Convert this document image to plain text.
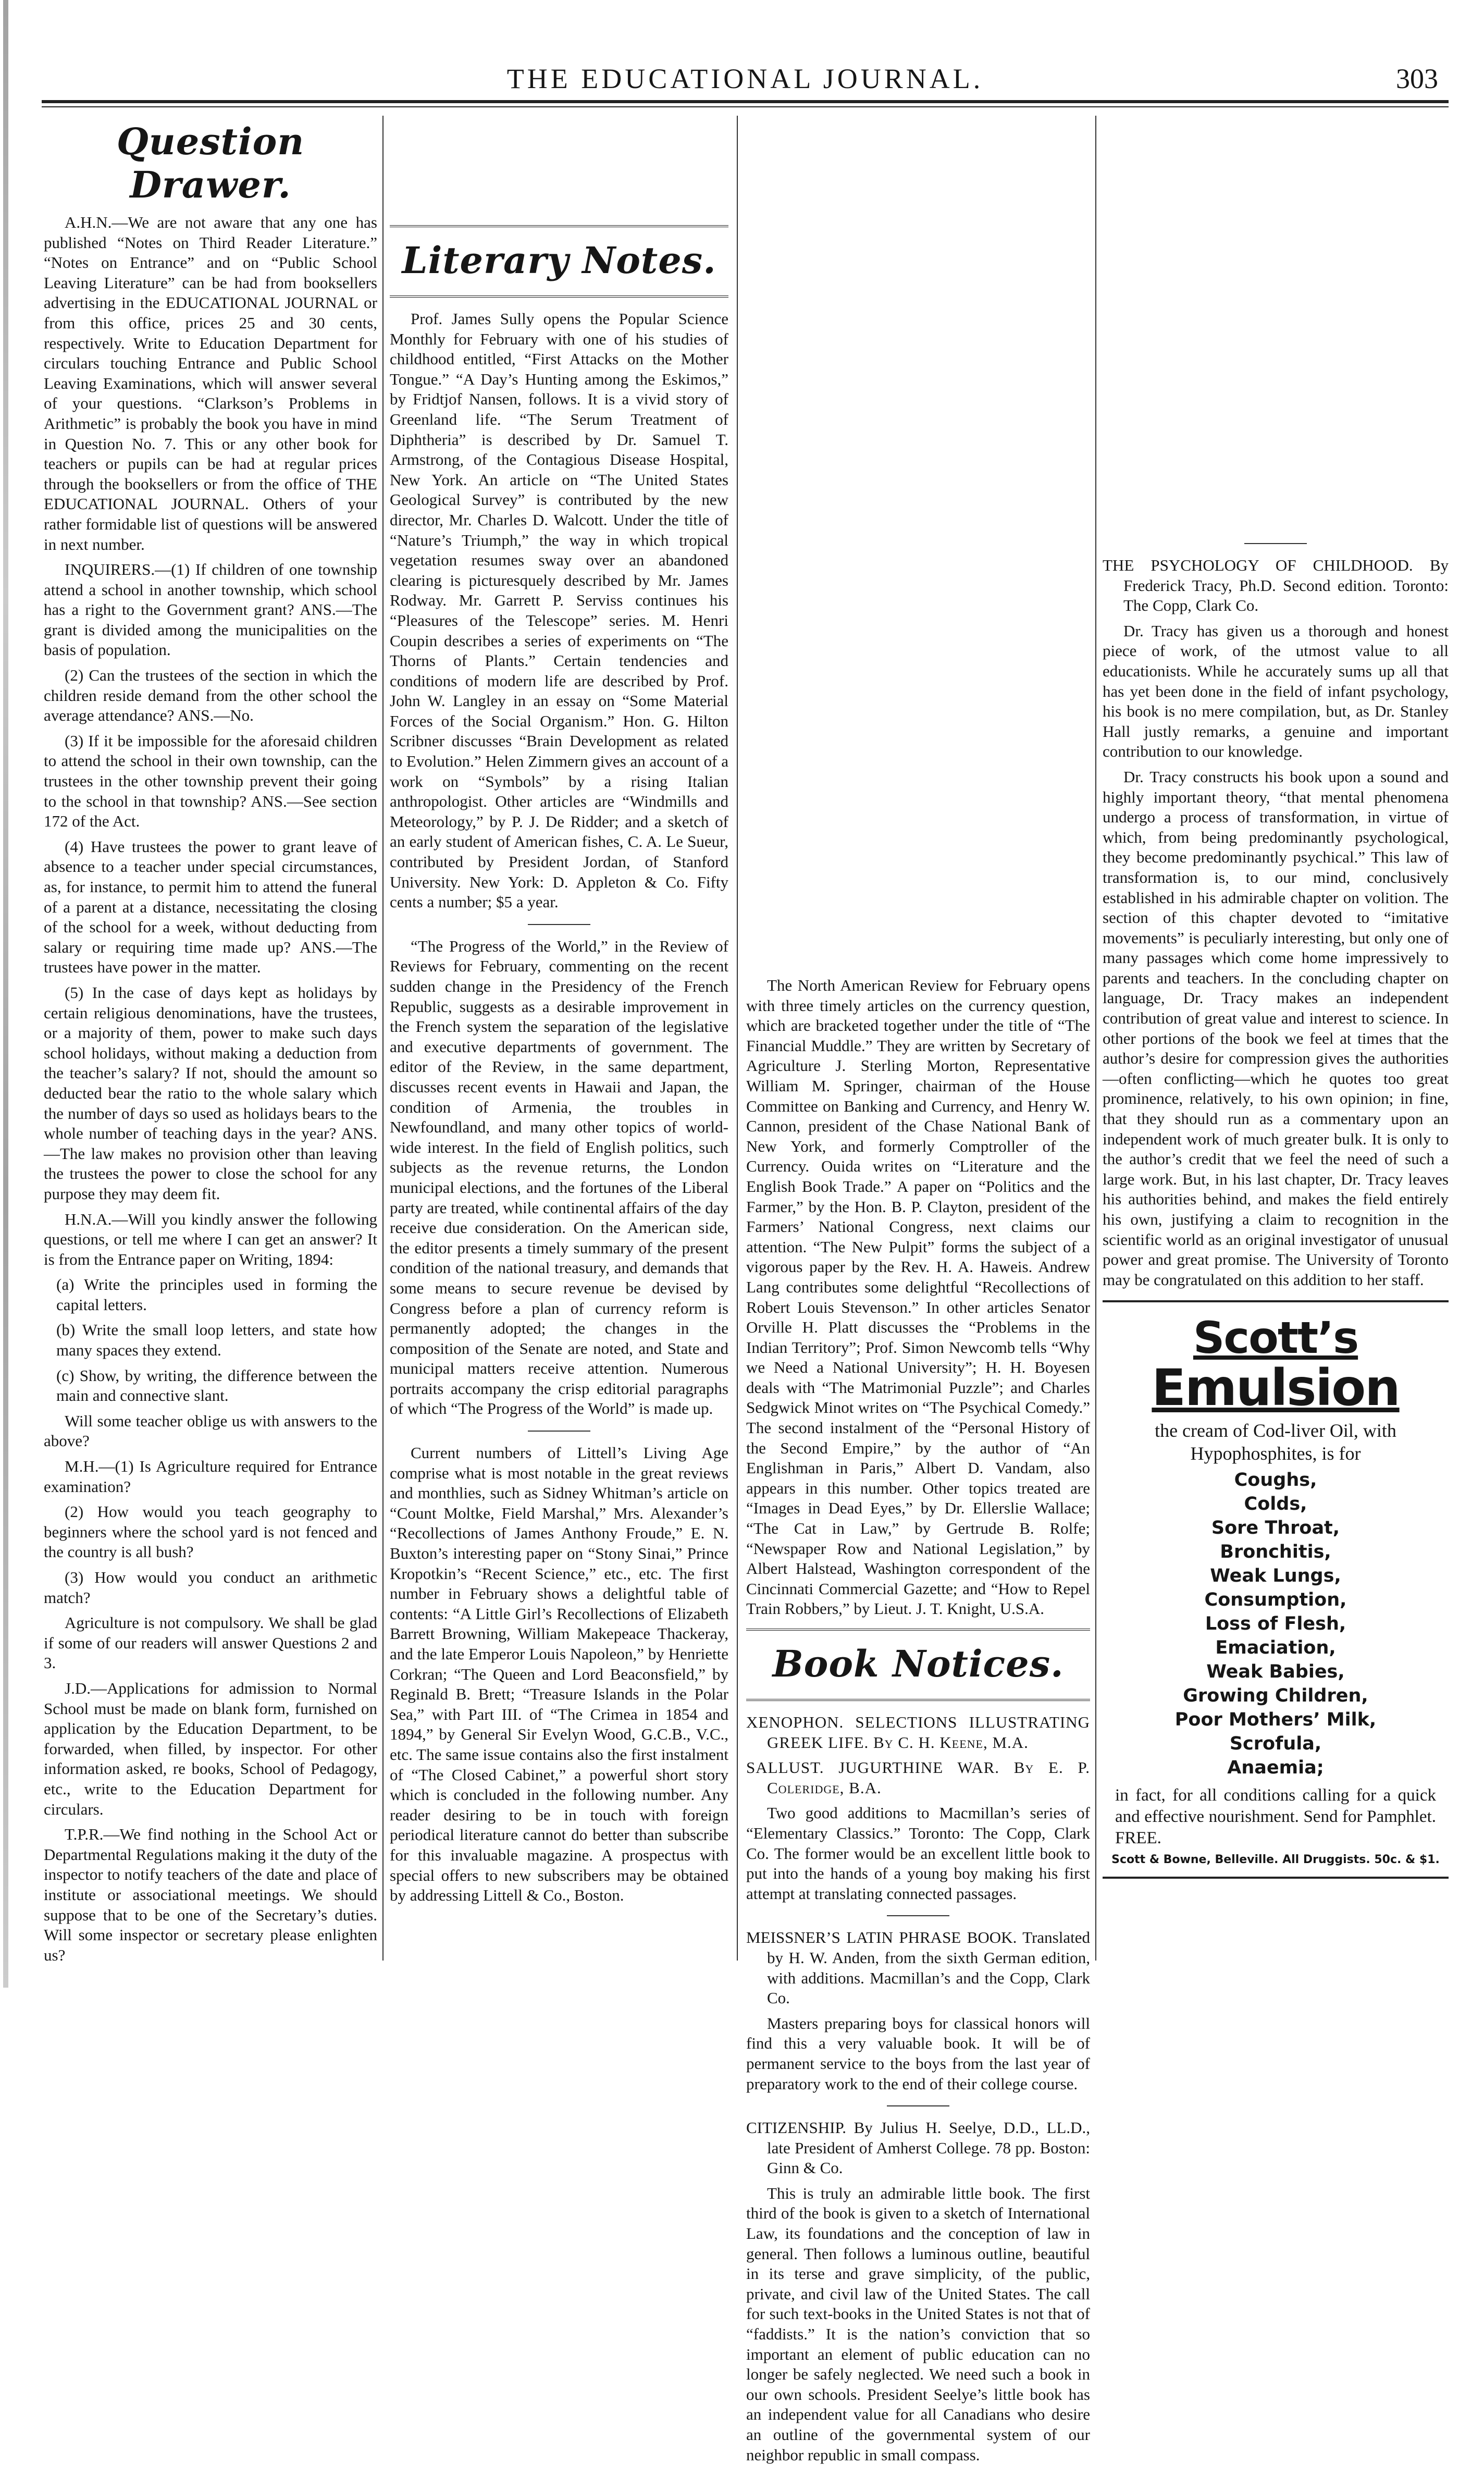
THE EDUCATIONAL JOURNAL.	303
Question Drawer.

A.H.N.—We are not aware that any one has published “Notes on Third Reader Literature.” “Notes on Entrance” and on “Public School Leaving Literature” can be had from booksellers advertising in the EDUCATIONAL JOURNAL or from this office, prices 25 and 30 cents, respectively. Write to Education Department for circulars touching Entrance and Public School Leaving Examinations, which will answer several of your questions. “Clarkson’s Problems in Arithmetic” is probably the book you have in mind in Question No. 7. This or any other book for teachers or pupils can be had at regular prices through the booksellers or from the office of THE EDUCATIONAL JOURNAL. Others of your rather formidable list of questions will be answered in next number.

INQUIRERS.—(1) If children of one township attend a school in another township, which school has a right to the Government grant? ANS.—The grant is divided among the municipalities on the basis of population.

(2) Can the trustees of the section in which the children reside demand from the other school the average attendance? ANS.—No.

(3) If it be impossible for the aforesaid children to attend the school in their own township, can the trustees in the other township prevent their going to the school in that township? ANS.—See section 172 of the Act.

(4) Have trustees the power to grant leave of absence to a teacher under special circumstances, as, for instance, to permit him to attend the funeral of a parent at a distance, necessitating the closing of the school for a week, without deducting from salary or requiring time made up? ANS.—The trustees have power in the matter.

(5) In the case of days kept as holidays by certain religious denominations, have the trustees, or a majority of them, power to make such days school holidays, without making a deduction from the teacher’s salary? If not, should the amount so deducted bear the ratio to the whole salary which the number of days so used as holidays bears to the whole number of teaching days in the year? ANS.—The law makes no provision other than leaving the trustees the power to close the school for any purpose they may deem fit.

H.N.A.—Will you kindly answer the following questions, or tell me where I can get an answer? It is from the Entrance paper on Writing, 1894:

(a) Write the principles used in forming the capital letters.

(b) Write the small loop letters, and state how many spaces they extend.

(c) Show, by writing, the difference between the main and connective slant.

Will some teacher oblige us with answers to the above?

M.H.—(1) Is Agriculture required for Entrance examination?

(2) How would you teach geography to beginners where the school yard is not fenced and the country is all bush?

(3) How would you conduct an arithmetic match?

Agriculture is not compulsory. We shall be glad if some of our readers will answer Questions 2 and 3.

J.D.—Applications for admission to Normal School must be made on blank form, furnished on application by the Education Department, to be forwarded, when filled, by inspector. For other information asked, re books, School of Pedagogy, etc., write to the Education Department for circulars.

T.P.R.—We find nothing in the School Act or Departmental Regulations making it the duty of the inspector to notify teachers of the date and place of institute or associational meetings. We should suppose that to be one of the Secretary’s duties. Will some inspector or secretary please enlighten us?

Literary Notes.

Prof. James Sully opens the Popular Science Monthly for February with one of his studies of childhood entitled, “First Attacks on the Mother Tongue.” “A Day’s Hunting among the Eskimos,” by Fridtjof Nansen, follows. It is a vivid story of Greenland life. “The Serum Treatment of Diphtheria” is described by Dr. Samuel T. Armstrong, of the Contagious Disease Hospital, New York. An article on “The United States Geological Survey” is contributed by the new director, Mr. Charles D. Walcott. Under the title of “Nature’s Triumph,” the way in which tropical vegetation resumes sway over an abandoned clearing is picturesquely described by Mr. James Rodway. Mr. Garrett P. Serviss continues his “Pleasures of the Telescope” series. M. Henri Coupin describes a series of experiments on “The Thorns of Plants.” Certain tendencies and conditions of modern life are described by Prof. John W. Langley in an essay on “Some Material Forces of the Social Organism.” Hon. G. Hilton Scribner discusses “Brain Development as related to Evolution.” Helen Zimmern gives an account of a work on “Symbols” by a rising Italian anthropologist. Other articles are “Windmills and Meteorology,” by P. J. De Ridder; and a sketch of an early student of American fishes, C. A. Le Sueur, contributed by President Jordan, of Stanford University. New York: D. Appleton & Co. Fifty cents a number; $5 a year.

“The Progress of the World,” in the Review of Reviews for February, commenting on the recent sudden change in the Presidency of the French Republic, suggests as a desirable improvement in the French system the separation of the legislative and executive departments of government. The editor of the Review, in the same department, discusses recent events in Hawaii and Japan, the condition of Armenia, the troubles in Newfoundland, and many other topics of world-wide interest. In the field of English politics, such subjects as the revenue returns, the London municipal elections, and the fortunes of the Liberal party are treated, while continental affairs of the day receive due consideration. On the American side, the editor presents a timely summary of the present condition of the national treasury, and demands that some means to secure revenue be devised by Congress before a plan of currency reform is permanently adopted; the changes in the composition of the Senate are noted, and State and municipal matters receive attention. Numerous portraits accompany the crisp editorial paragraphs of which “The Progress of the World” is made up.

Current numbers of Littell’s Living Age comprise what is most notable in the great reviews and monthlies, such as Sidney Whitman’s article on “Count Moltke, Field Marshal,” Mrs. Alexander’s “Recollections of James Anthony Froude,” E. N. Buxton’s interesting paper on “Stony Sinai,” Prince Kropotkin’s “Recent Science,” etc., etc. The first number in February shows a delightful table of contents: “A Little Girl’s Recollections of Elizabeth Barrett Browning, William Makepeace Thackeray, and the late Emperor Louis Napoleon,” by Henriette Corkran; “The Queen and Lord Beaconsfield,” by Reginald B. Brett; “Treasure Islands in the Polar Sea,” with Part III. of “The Crimea in 1854 and 1894,” by General Sir Evelyn Wood, G.C.B., V.C., etc. The same issue contains also the first instalment of “The Closed Cabinet,” a powerful short story which is concluded in the following number. Any reader desiring to be in touch with foreign periodical literature cannot do better than subscribe for this invaluable magazine. A prospectus with special offers to new subscribers may be obtained by addressing Littell & Co., Boston.

The North American Review for February opens with three timely articles on the currency question, which are bracketed together under the title of “The Financial Muddle.” They are written by Secretary of Agriculture J. Sterling Morton, Representative William M. Springer, chairman of the House Committee on Banking and Currency, and Henry W. Cannon, president of the Chase National Bank of New York, and formerly Comptroller of the Currency. Ouida writes on “Literature and the English Book Trade.” A paper on “Politics and the Farmer,” by the Hon. B. P. Clayton, president of the Farmers’ National Congress, next claims our attention. “The New Pulpit” forms the subject of a vigorous paper by the Rev. H. A. Haweis. Andrew Lang contributes some delightful “Recollections of Robert Louis Stevenson.” In other articles Senator Orville H. Platt discusses the “Problems in the Indian Territory”; Prof. Simon Newcomb tells “Why we Need a National University”; H. H. Boyesen deals with “The Matrimonial Puzzle”; and Charles Sedgwick Minot writes on “The Psychical Comedy.” The second instalment of the “Personal History of the Second Empire,” by the author of “An Englishman in Paris,” Albert D. Vandam, also appears in this number. Other topics treated are “Images in Dead Eyes,” by Dr. Ellerslie Wallace; “The Cat in Law,” by Gertrude B. Rolfe; “Newspaper Row and National Legislation,” by Albert Halstead, Washington correspondent of the Cincinnati Commercial Gazette; and “How to Repel Train Robbers,” by Lieut. J. T. Knight, U.S.A.

Book Notices.

XENOPHON. SELECTIONS ILLUSTRATING GREEK LIFE. By C. H. Keene, M.A.

SALLUST. JUGURTHINE WAR. By E. P. Coleridge, B.A.

Two good additions to Macmillan’s series of “Elementary Classics.” Toronto: The Copp, Clark Co. The former would be an excellent little book to put into the hands of a young boy making his first attempt at translating connected passages.

MEISSNER’S LATIN PHRASE BOOK. Translated by H. W. Anden, from the sixth German edition, with additions. Macmillan’s and the Copp, Clark Co.

Masters preparing boys for classical honors will find this a very valuable book. It will be of permanent service to the boys from the last year of preparatory work to the end of their college course.

CITIZENSHIP. By Julius H. Seelye, D.D., LL.D., late President of Amherst College. 78 pp. Boston: Ginn & Co.

This is truly an admirable little book. The first third of the book is given to a sketch of International Law, its foundations and the conception of law in general. Then follows a luminous outline, beautiful in its terse and grave simplicity, of the public, private, and civil law of the United States. The call for such text-books in the United States is not that of “faddists.” It is the nation’s conviction that so important an element of public education can no longer be safely neglected. We need such a book in our own schools. President Seelye’s little book has an independent value for all Canadians who desire an outline of the governmental system of our neighbor republic in small compass.

THE PSYCHOLOGY OF CHILDHOOD. By Frederick Tracy, Ph.D. Second edition. Toronto: The Copp, Clark Co.

Dr. Tracy has given us a thorough and honest piece of work, of the utmost value to all educationists. While he accurately sums up all that has yet been done in the field of infant psychology, his book is no mere compilation, but, as Dr. Stanley Hall justly remarks, a genuine and important contribution to our knowledge.

Dr. Tracy constructs his book upon a sound and highly important theory, “that mental phenomena undergo a process of transformation, in virtue of which, from being predominantly psychological, they become predominantly psychical.” This law of transformation is, to our mind, conclusively established in his admirable chapter on volition. The section of this chapter devoted to “imitative movements” is peculiarly interesting, but only one of many passages which come home impressively to parents and teachers. In the concluding chapter on language, Dr. Tracy makes an independent contribution of great value and interest to science. In other portions of the book we feel at times that the author’s desire for compression gives the authorities—often conflicting—which he quotes too great prominence, relatively, to his own opinion; in fine, that they should run as a commentary upon an independent work of much greater bulk. It is only to the author’s credit that we feel the need of such a large work. But, in his last chapter, Dr. Tracy leaves his authorities behind, and makes the field entirely his own, justifying a claim to recognition in the scientific world as an original investigator of unusual power and great promise. The University of Toronto may be congratulated on this addition to her staff.

Scott’s
Emulsion
the cream of Cod-liver Oil, with Hypophosphites, is for
Coughs,
Colds,
Sore Throat,
Bronchitis,
Weak Lungs,
Consumption,
Loss of Flesh,
Emaciation,
Weak Babies,
Growing Children,
Poor Mothers’ Milk,
Scrofula,
Anaemia;
in fact, for all conditions calling for a quick and effective nourishment. Send for Pamphlet. FREE.
Scott & Bowne, Belleville. All Druggists. 50c. & $1.
